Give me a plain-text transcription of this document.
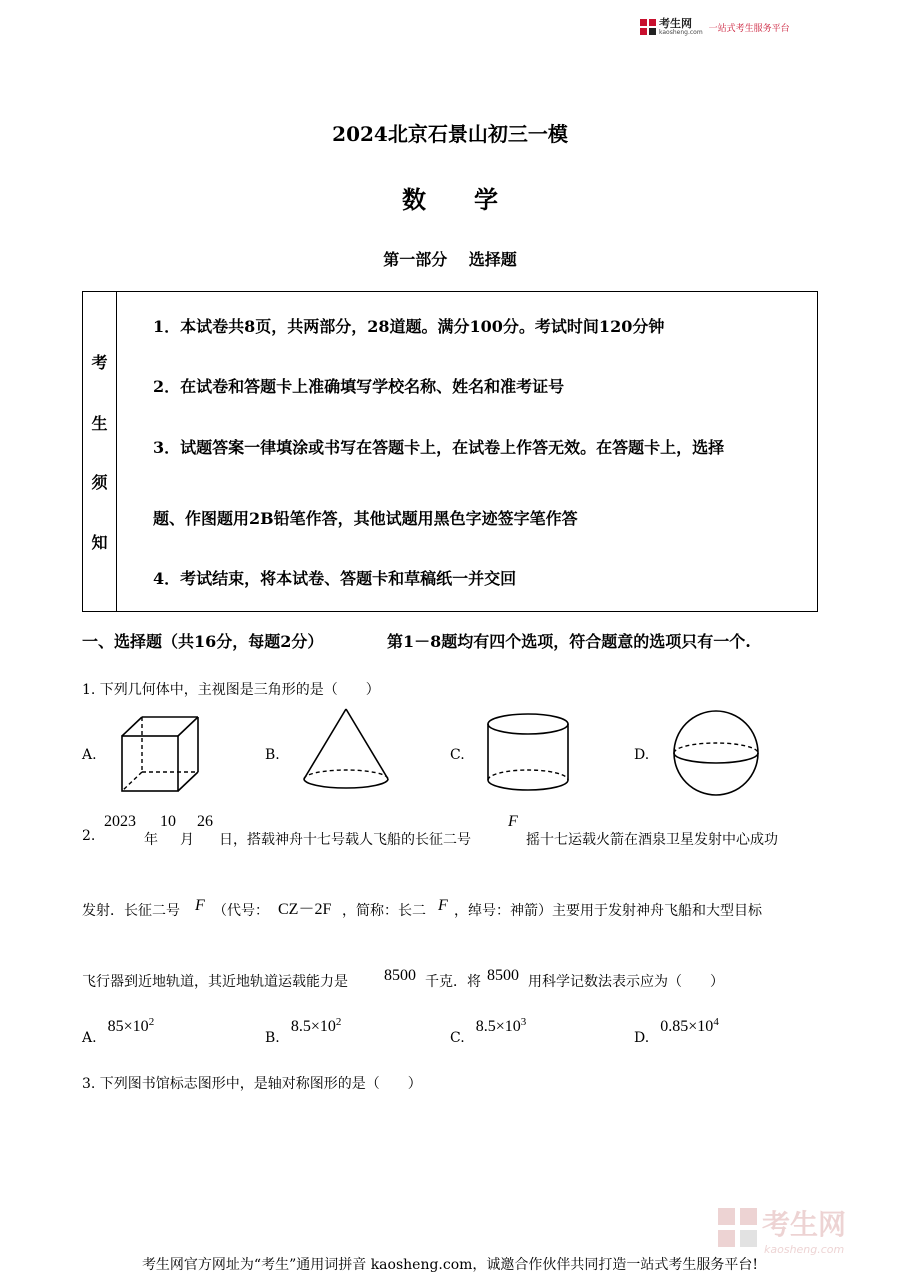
考生网
kaosheng.com 一站式考生服务平台
2024北京石景山初三一模
数　　学
第一部分　 选择题
考
生
须
知
1．本试卷共8页，共两部分，28道题。满分100分。考试时间120分钟
2．在试卷和答题卡上准确填写学校名称、姓名和准考证号
3．试题答案一律填涂或书写在答题卡上，在试卷上作答无效。在答题卡上，选择
题、作图题用2B铅笔作答，其他试题用黑色字迹签字笔作答
4．考试结束，将本试卷、答题卡和草稿纸一并交回
一、选择题（共16分，每题2分）	第1－8题均有四个选项，符合题意的选项只有一个.
1. 下列几何体中，主视图是三角形的是（　　）
A.	B.	C.	D.
2.
2023
年
10
月
26
日，搭载神舟十七号载人飞船的长征二号
F
摇十七运载火箭在酒泉卫星发射中心成功
发射．长征二号 F （代号： CZ－2F ，简称：长二 F ，绰号：神箭）主要用于发射神舟飞船和大型目标
飞行器到近地轨道，其近地轨道运载能力是 8500 千克．将 8500 用科学记数法表示应为（　　）
A. $85\times 10^2$
B. $8.5\times 10^2$
C. $8.5\times 10^3$
D. $0.85\times 10^4$
3. 下列图书馆标志图形中，是轴对称图形的是（　　）
考生网
kaosheng.com
考生网官方网址为“考生”通用词拼音 kaosheng.com，诚邀合作伙伴共同打造一站式考生服务平台!
